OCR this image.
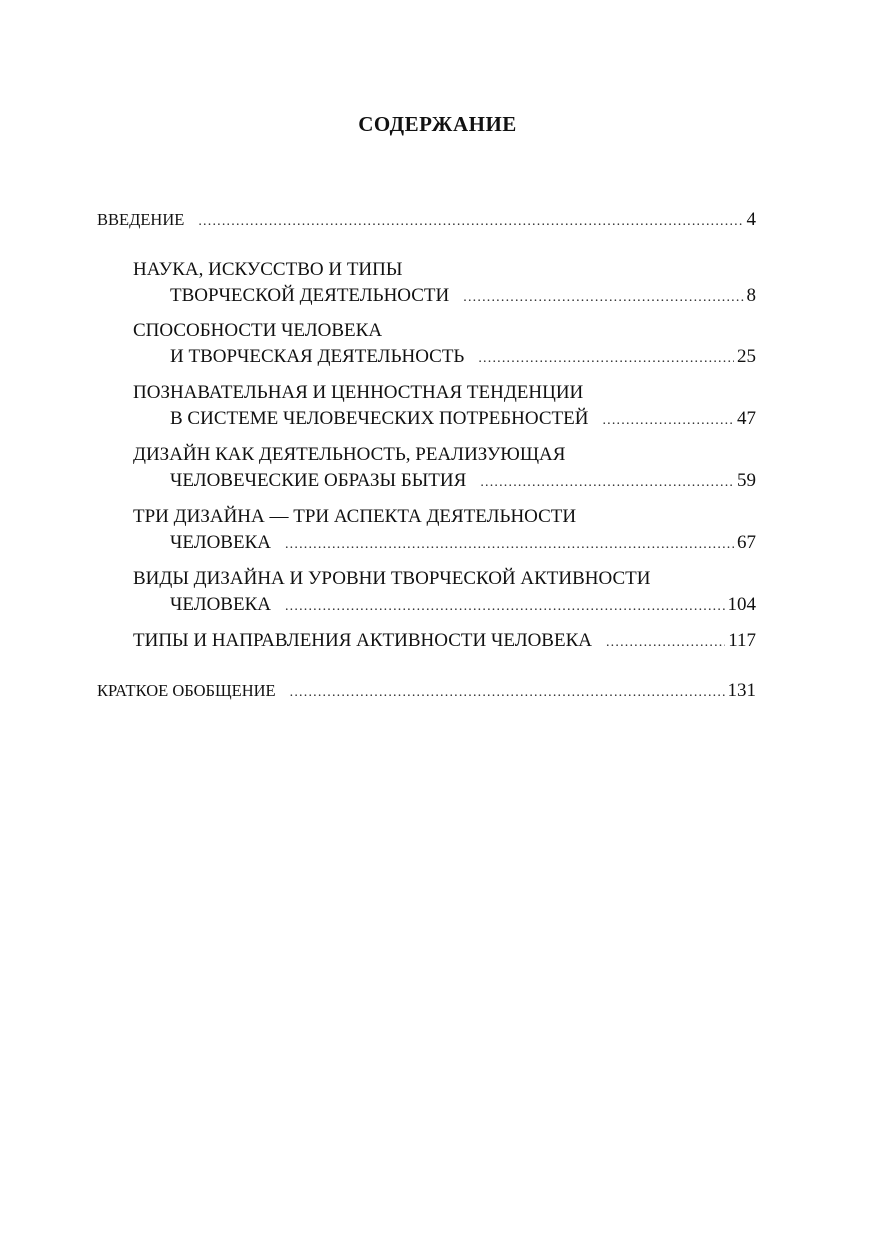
СОДЕРЖАНИЕ
ВВЕДЕНИЕ .....	4
НАУКА, ИСКУССТВО И ТИПЫ
ТВОРЧЕСКОЙ ДЕЯТЕЛЬНОСТИ .....	8
СПОСОБНОСТИ ЧЕЛОВЕКА
И ТВОРЧЕСКАЯ ДЕЯТЕЛЬНОСТЬ .....	25
ПОЗНАВАТЕЛЬНАЯ И ЦЕННОСТНАЯ ТЕНДЕНЦИИ
В СИСТЕМЕ ЧЕЛОВЕЧЕСКИХ ПОТРЕБНОСТЕЙ .....	47
ДИЗАЙН КАК ДЕЯТЕЛЬНОСТЬ, РЕАЛИЗУЮЩАЯ
ЧЕЛОВЕЧЕСКИЕ ОБРАЗЫ БЫТИЯ .....	59
ТРИ ДИЗАЙНА — ТРИ АСПЕКТА ДЕЯТЕЛЬНОСТИ
ЧЕЛОВЕКА .....	67
ВИДЫ ДИЗАЙНА И УРОВНИ ТВОРЧЕСКОЙ АКТИВНОСТИ
ЧЕЛОВЕКА .....	104
ТИПЫ И НАПРАВЛЕНИЯ АКТИВНОСТИ ЧЕЛОВЕКА .....	117
КРАТКОЕ ОБОБЩЕНИЕ .....	131
